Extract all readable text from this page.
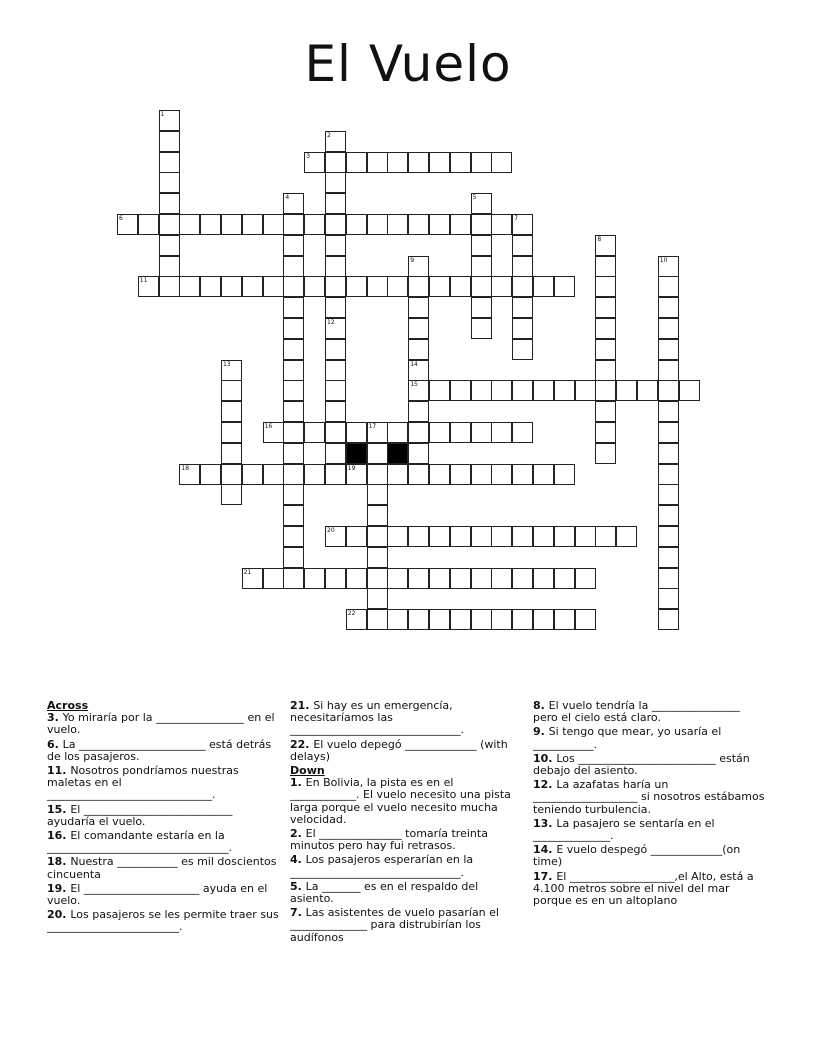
El Vuelo
3
6
11
15
16	17
18	19
20
21
22
1
2
12
4	5
7
8
9	10
13	14
Across
3. Yo miraría por la ________________ en el vuelo.
6. La _______________________ está detrás de los pasajeros.
11. Nosotros pondríamos nuestras maletas en el ______________________________.
15. El ___________________________ ayudaría el vuelo.
16. El comandante estaría en la _________________________________.
18. Nuestra ___________ es mil doscientos cincuenta
19. El _____________________ ayuda en el vuelo.
20. Los pasajeros se les permite traer sus ________________________.
21. Si hay es un emergencía, necesitaríamos las _______________________________.
22. El vuelo depegó _____________ (with delays)
Down
1. En Bolivia, la pista es en el ____________. El vuelo necesito una pista larga porque el vuelo necesito mucha velocidad.
2. El _______________ tomaría treinta minutos pero hay fui retrasos.
4. Los pasajeros esperarían en la _______________________________.
5. La _______ es en el respaldo del asiento.
7. Las asistentes de vuelo pasarían el ______________ para distrubirían los audífonos
8. El vuelo tendría la ________________ pero el cielo está claro.
9. Si tengo que mear, yo usaría el ___________.
10. Los _________________________ están debajo del asiento.
12. La azafatas haría un ___________________ si nosotros estábamos teniendo turbulencia.
13. La pasajero se sentaría en el ______________.
14. E vuelo despegó _____________(on time)
17. El ___________________,el Alto, está a 4.100 metros sobre el nivel del mar porque es en un altoplano
